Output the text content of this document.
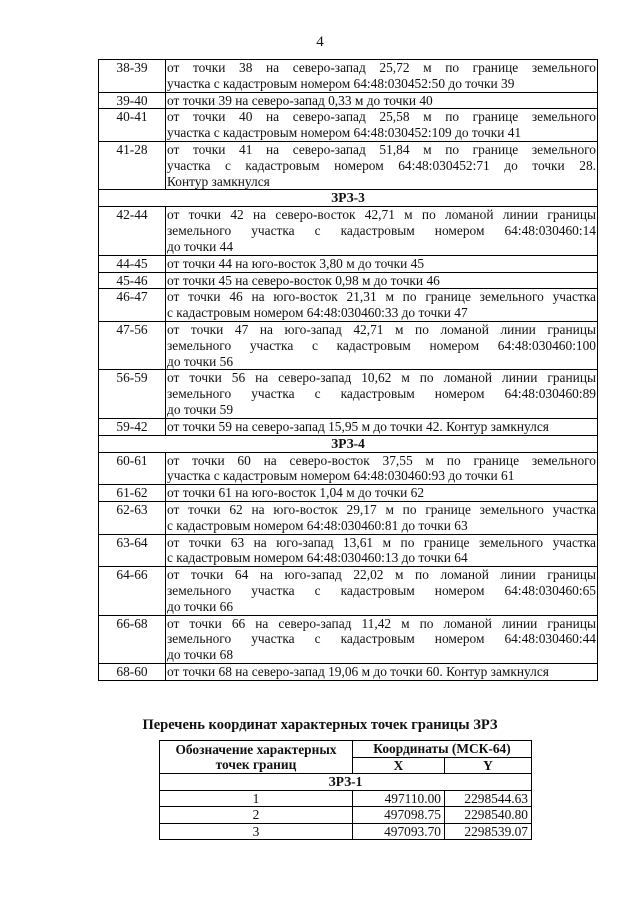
4
38-39	от точки 38 на северо-запад 25,72 м по границе земельного
участка с кадастровым номером 64:48:030452:50 до точки 39

39-40	от точки 39 на северо-запад 0,33 м до точки 40

40-41	от точки 40 на северо-запад 25,58 м по границе земельного
участка с кадастровым номером 64:48:030452:109 до точки 41

41-28	от точки 41 на северо-запад 51,84 м по границе земельного
участка с кадастровым номером 64:48:030452:71 до точки 28.
Контур замкнулся

ЗРЗ-3	
42-44	от точки 42 на северо-восток 42,71 м по ломаной линии границы
земельного участка с кадастровым номером 64:48:030460:14
до точки 44

44-45	от точки 44 на юго-восток 3,80 м до точки 45

45-46	от точки 45 на северо-восток 0,98 м до точки 46

46-47	от точки 46 на юго-восток 21,31 м по границе земельного участка
с кадастровым номером 64:48:030460:33 до точки 47

47-56	от точки 47 на юго-запад 42,71 м по ломаной линии границы
земельного участка с кадастровым номером 64:48:030460:100
до точки 56

56-59	от точки 56 на северо-запад 10,62 м по ломаной линии границы
земельного участка с кадастровым номером 64:48:030460:89
до точки 59

59-42	от точки 59 на северо-запад 15,95 м до точки 42. Контур замкнулся

ЗРЗ-4	
60-61	от точки 60 на северо-восток 37,55 м по границе земельного
участка с кадастровым номером 64:48:030460:93 до точки 61

61-62	от точки 61 на юго-восток 1,04 м до точки 62

62-63	от точки 62 на юго-восток 29,17 м по границе земельного участка
с кадастровым номером 64:48:030460:81 до точки 63

63-64	от точки 63 на юго-запад 13,61 м по границе земельного участка
с кадастровым номером 64:48:030460:13 до точки 64

64-66	от точки 64 на юго-запад 22,02 м по ломаной линии границы
земельного участка с кадастровым номером 64:48:030460:65
до точки 66

66-68	от точки 66 на северо-запад 11,42 м по ломаной линии границы
земельного участка с кадастровым номером 64:48:030460:44
до точки 68

68-60	от точки 68 на северо-запад 19,06 м до точки 60. Контур замкнулся
Перечень координат характерных точек границы ЗРЗ
Обозначение характерных
точек границ	Координаты (МСК-64)	
	X	Y
ЗРЗ-1		
1	497110.00	2298544.63
2	497098.75	2298540.80
3	497093.70	2298539.07
